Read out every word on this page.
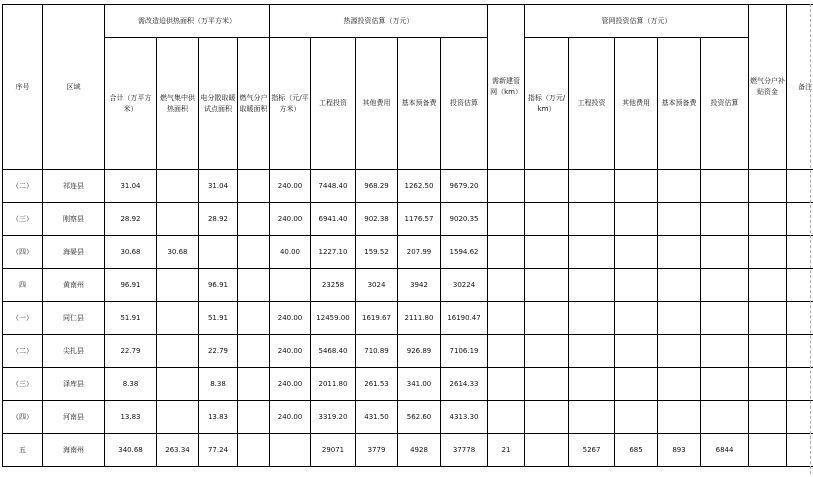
序号	区域	需改造迫供热面积（万平方米）				热源投资估算（万元）					需新建管网（km）	管网投资估算（万元）					燃气分户补贴资金	备注
		合计（万平方米）	燃气集中供热面积	电分散取暖试点面积	燃气分户取暖面积	指标（元/平方米）	工程投资	其他费用	基本预备费	投资估算		指标（万元/km）	工程投资	其他费用	基本预备费	投资估算		
（二）	祁连县	31.04		31.04		240.00	7448.40	968.29	1262.50	9679.20								
（三）	刚察县	28.92		28.92		240.00	6941.40	902.38	1176.57	9020.35								
（四）	海晏县	30.68	30.68			40.00	1227.10	159.52	207.99	1594.62								
四	黄南州	96.91		96.91			23258	3024	3942	30224								
（一）	同仁县	51.91		51.91		240.00	12459.00	1619.67	2111.80	16190.47								
（二）	尖扎县	22.79		22.79		240.00	5468.40	710.89	926.89	7106.19								
（三）	泽库县	8.38		8.38		240.00	2011.80	261.53	341.00	2614.33								
（四）	河南县	13.83		13.83		240.00	3319.20	431.50	562.60	4313.30								
五	海南州	340.68	263.34	77.24			29071	3779	4928	37778	21		5267	685	893	6844		
